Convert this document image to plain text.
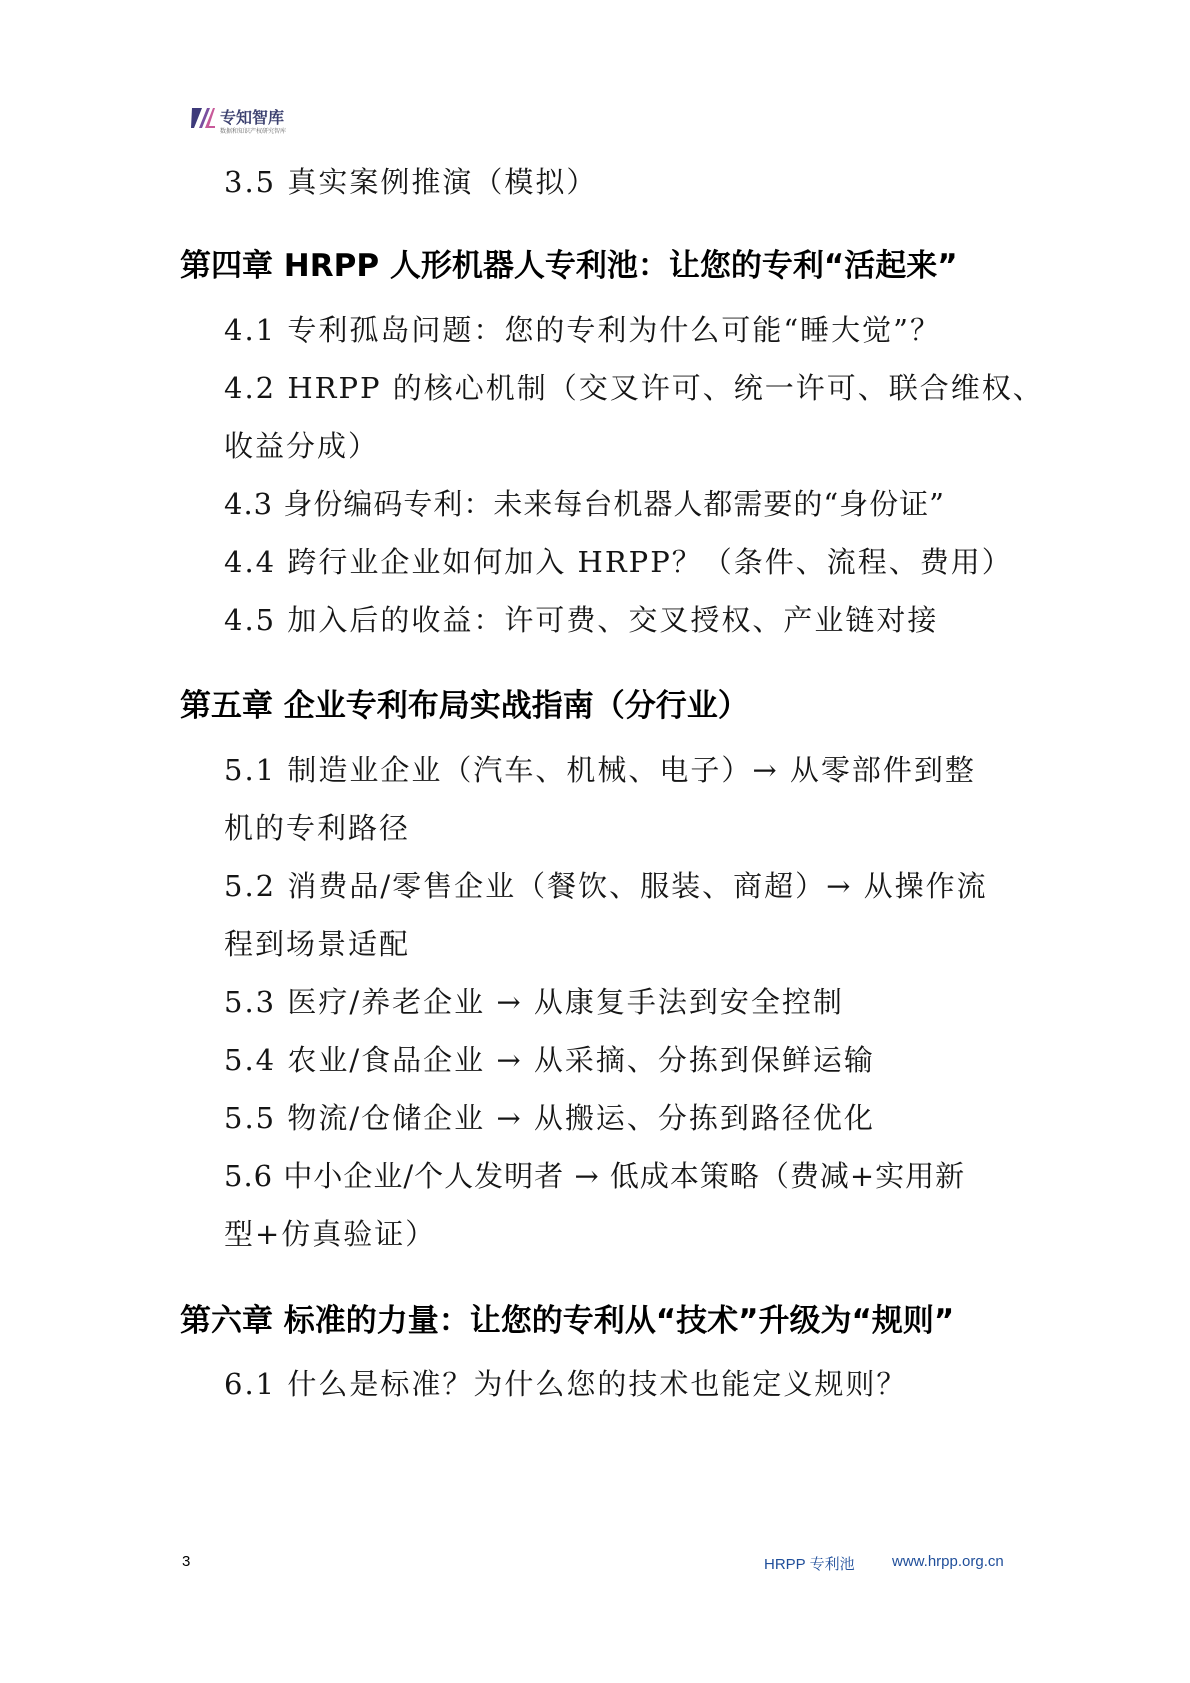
专知智库
数据和知识产权研究智库
3.5 真实案例推演（模拟）
第四章 HRPP 人形机器人专利池：让您的专利“活起来”
4.1 专利孤岛问题：您的专利为什么可能“睡大觉”？
4.2 HRPP 的核心机制（交叉许可、统一许可、联合维权、
收益分成）
4.3 身份编码专利：未来每台机器人都需要的“身份证”
4.4 跨行业企业如何加入 HRPP？（条件、流程、费用）
4.5 加入后的收益：许可费、交叉授权、产业链对接
第五章 企业专利布局实战指南（分行业）
5.1 制造业企业（汽车、机械、电子）→ 从零部件到整
机的专利路径
5.2 消费品/零售企业（餐饮、服装、商超）→ 从操作流
程到场景适配
5.3 医疗/养老企业 → 从康复手法到安全控制
5.4 农业/食品企业 → 从采摘、分拣到保鲜运输
5.5 物流/仓储企业 → 从搬运、分拣到路径优化
5.6 中小企业/个人发明者 → 低成本策略（费减+实用新
型+仿真验证）
第六章 标准的力量：让您的专利从“技术”升级为“规则”
6.1 什么是标准？为什么您的技术也能定义规则？
3	HRPP 专利池 www.hrpp.org.cn
